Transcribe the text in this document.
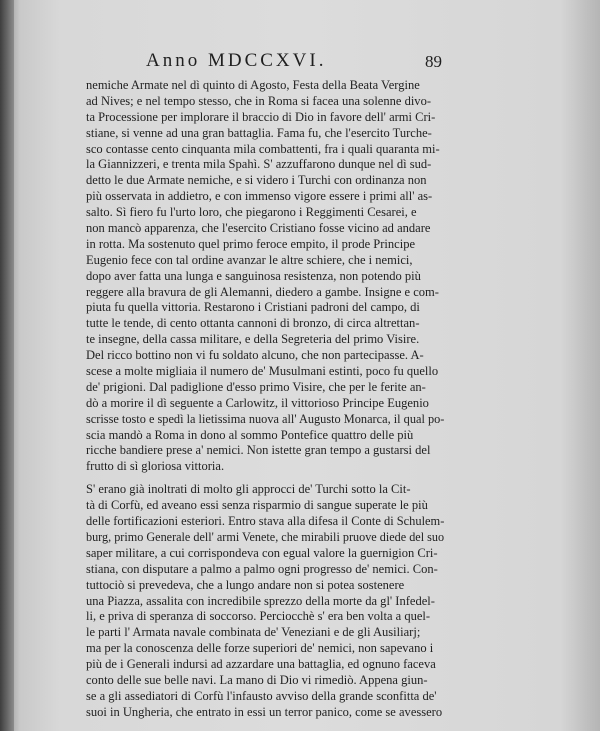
Anno MDCCXVI.	89
nemiche Armate nel dì quinto di Agosto, Festa della Beata Vergine
ad Nives; e nel tempo stesso, che in Roma si facea una solenne divo-
ta Processione per implorare il braccio di Dio in favore dell' armi Cri-
stiane, si venne ad una gran battaglia. Fama fu, che l'esercito Turche-
sco contasse cento cinquanta mila combattenti, fra i quali quaranta mi-
la Giannizzeri, e trenta mila Spahì. S' azzuffarono dunque nel dì sud-
detto le due Armate nemiche, e si videro i Turchi con ordinanza non
più osservata in addietro, e con immenso vigore essere i primi all' as-
salto. Sì fiero fu l'urto loro, che piegarono i Reggimenti Cesarei, e
non mancò apparenza, che l'esercito Cristiano fosse vicino ad andare
in rotta. Ma sostenuto quel primo feroce empito, il prode Principe
Eugenio fece con tal ordine avanzar le altre schiere, che i nemici,
dopo aver fatta una lunga e sanguinosa resistenza, non potendo più
reggere alla bravura de gli Alemanni, diedero a gambe. Insigne e com-
piuta fu quella vittoria. Restarono i Cristiani padroni del campo, di
tutte le tende, di cento ottanta cannoni di bronzo, di circa altrettan-
te insegne, della cassa militare, e della Segreteria del primo Visire.
Del ricco bottino non vi fu soldato alcuno, che non partecipasse. A-
scese a molte migliaia il numero de' Musulmani estinti, poco fu quello
de' prigioni. Dal padiglione d'esso primo Visire, che per le ferite an-
dò a morire il dì seguente a Carlowitz, il vittorioso Principe Eugenio
scrisse tosto e spedì la lietissima nuova all' Augusto Monarca, il qual po-
scia mandò a Roma in dono al sommo Pontefice quattro delle più
ricche bandiere prese a' nemici. Non istette gran tempo a gustarsi del
frutto di sì gloriosa vittoria.
S' erano già inoltrati di molto gli approcci de' Turchi sotto la Cit-
tà di Corfù, ed aveano essi senza risparmio di sangue superate le più
delle fortificazioni esteriori. Entro stava alla difesa il Conte di Schulem-
burg, primo Generale dell' armi Venete, che mirabili pruove diede del suo
saper militare, a cui corrispondeva con egual valore la guernigion Cri-
stiana, con disputare a palmo a palmo ogni progresso de' nemici. Con-
tuttociò si prevedeva, che a lungo andare non si potea sostenere
una Piazza, assalita con incredibile sprezzo della morte da gl' Infedel-
li, e priva di speranza di soccorso. Perciocchè s' era ben volta a quel-
le parti l' Armata navale combinata de' Veneziani e de gli Ausiliarj;
ma per la conoscenza delle forze superiori de' nemici, non sapevano i
più de i Generali indursi ad azzardare una battaglia, ed ognuno faceva
conto delle sue belle navi. La mano di Dio vi rimediò. Appena giun-
se a gli assediatori di Corfù l'infausto avviso della grande sconfitta de'
suoi in Ungheria, che entrato in essi un terror panico, come se avessero
